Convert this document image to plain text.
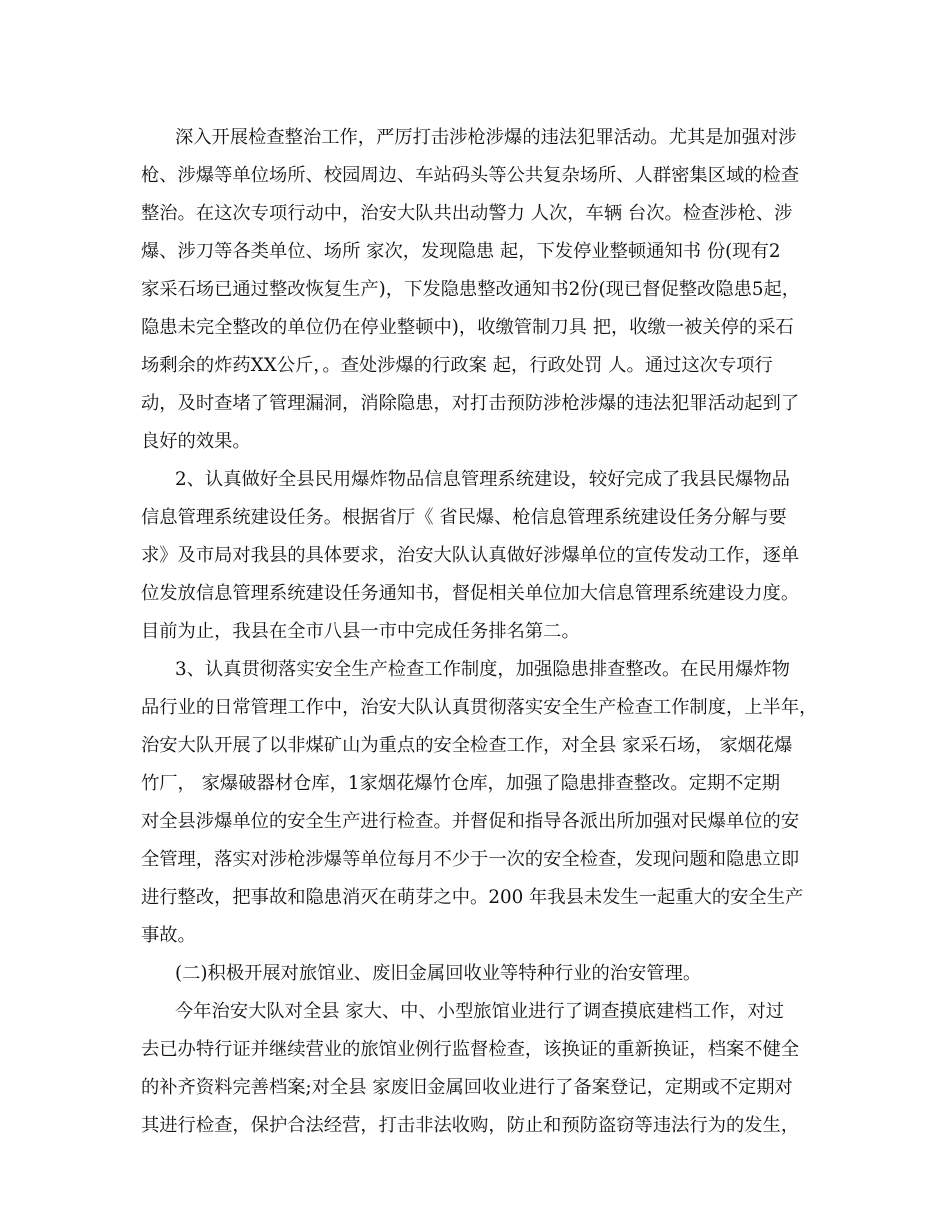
深入开展检查整治工作，严厉打击涉枪涉爆的违法犯罪活动。尤其是加强对涉
枪、涉爆等单位场所、校园周边、车站码头等公共复杂场所、人群密集区域的检查
整治。在这次专项行动中，治安大队共出动警力 人次，车辆 台次。检查涉枪、涉
爆、涉刀等各类单位、场所 家次，发现隐患 起，下发停业整顿通知书 份(现有2
家采石场已通过整改恢复生产)，下发隐患整改通知书2份(现已督促整改隐患5起，
隐患未完全整改的单位仍在停业整顿中)，收缴管制刀具 把，收缴一被关停的采石
场剩余的炸药XX公斤，。查处涉爆的行政案 起，行政处罚 人。通过这次专项行
动，及时查堵了管理漏洞，消除隐患，对打击预防涉枪涉爆的违法犯罪活动起到了
良好的效果。
2、认真做好全县民用爆炸物品信息管理系统建设，较好完成了我县民爆物品
信息管理系统建设任务。根据省厅《 省民爆、枪信息管理系统建设任务分解与要
求》及市局对我县的具体要求，治安大队认真做好涉爆单位的宣传发动工作，逐单
位发放信息管理系统建设任务通知书，督促相关单位加大信息管理系统建设力度。
目前为止，我县在全市八县一市中完成任务排名第二。
3、认真贯彻落实安全生产检查工作制度，加强隐患排查整改。在民用爆炸物
品行业的日常管理工作中，治安大队认真贯彻落实安全生产检查工作制度，上半年，
治安大队开展了以非煤矿山为重点的安全检查工作，对全县 家采石场， 家烟花爆
竹厂， 家爆破器材仓库，1家烟花爆竹仓库，加强了隐患排查整改。定期不定期
对全县涉爆单位的安全生产进行检查。并督促和指导各派出所加强对民爆单位的安
全管理，落实对涉枪涉爆等单位每月不少于一次的安全检查，发现问题和隐患立即
进行整改，把事故和隐患消灭在萌芽之中。200 年我县未发生一起重大的安全生产
事故。
(二)积极开展对旅馆业、废旧金属回收业等特种行业的治安管理。
今年治安大队对全县 家大、中、小型旅馆业进行了调查摸底建档工作，对过
去已办特行证并继续营业的旅馆业例行监督检查，该换证的重新换证，档案不健全
的补齐资料完善档案;对全县 家废旧金属回收业进行了备案登记，定期或不定期对
其进行检查，保护合法经营，打击非法收购，防止和预防盗窃等违法行为的发生，
